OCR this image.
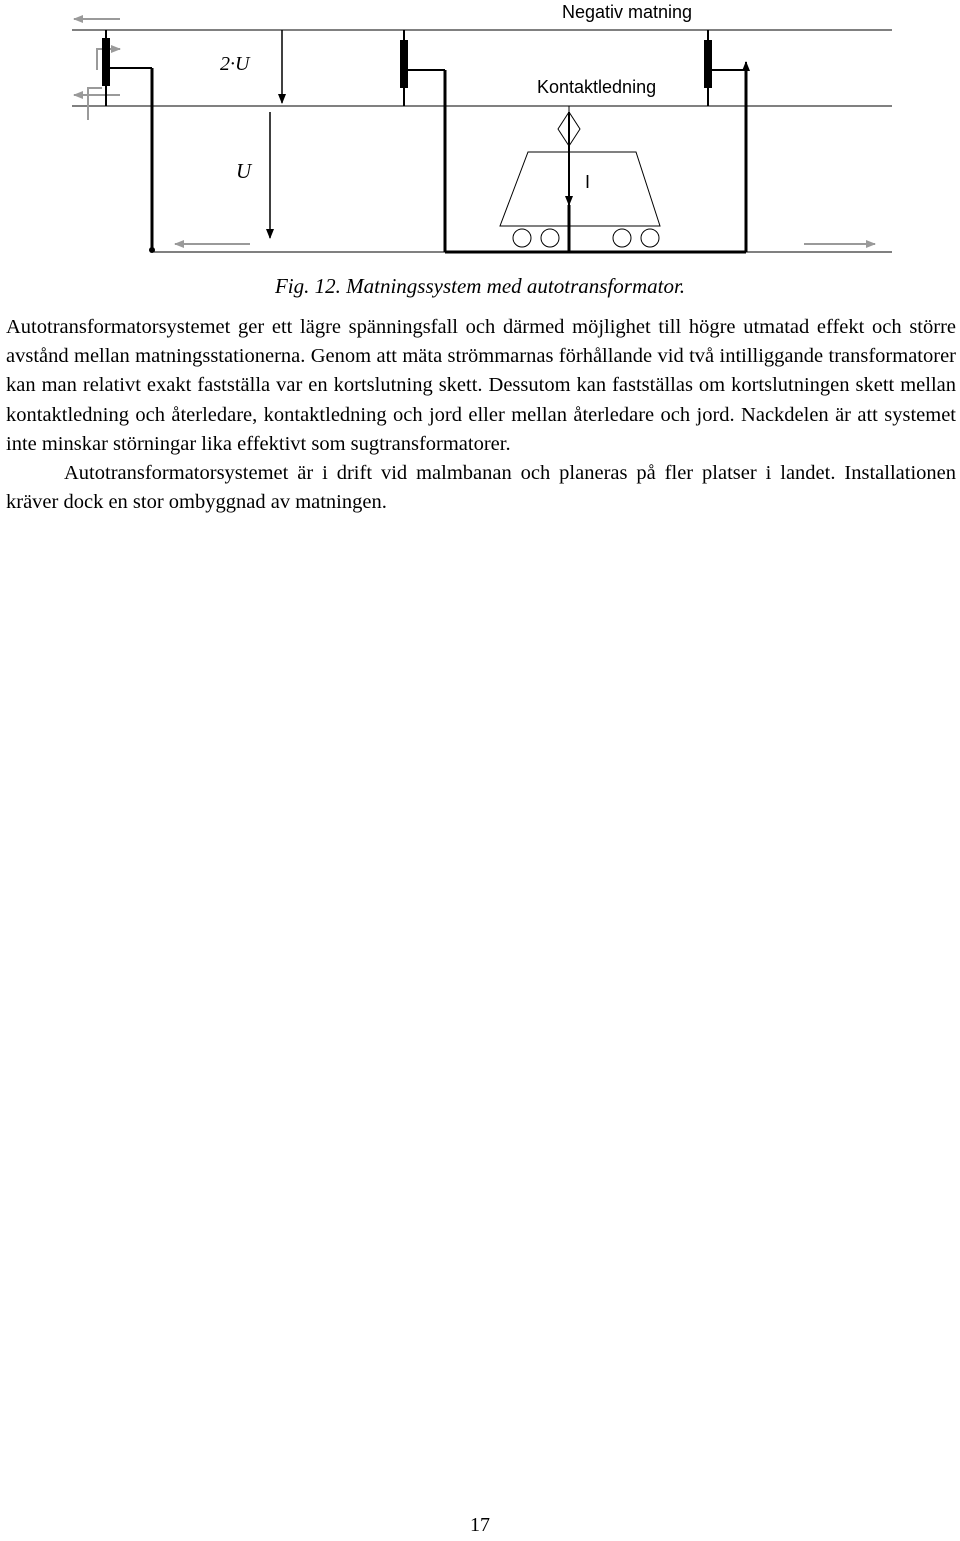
2·U
U
Negativ matning
Kontaktledning
I
Fig. 12. Matningssystem med autotransformator.

Autotransformatorsystemet ger ett lägre spänningsfall och därmed möjlighet till högre utmatad effekt och större avstånd mellan matningsstationerna. Genom att mäta strömmarnas förhållande vid två intilliggande transformatorer kan man relativt exakt fastställa var en kortslutning skett. Dessutom kan fastställas om kortslutningen skett mellan kontaktledning och återledare, kontaktledning och jord eller mellan återledare och jord. Nackdelen är att systemet inte minskar störningar lika effektivt som sugtransformatorer.

Autotransformatorsystemet är i drift vid malmbanan och planeras på fler platser i landet. Installationen kräver dock en stor ombyggnad av matningen.

17
